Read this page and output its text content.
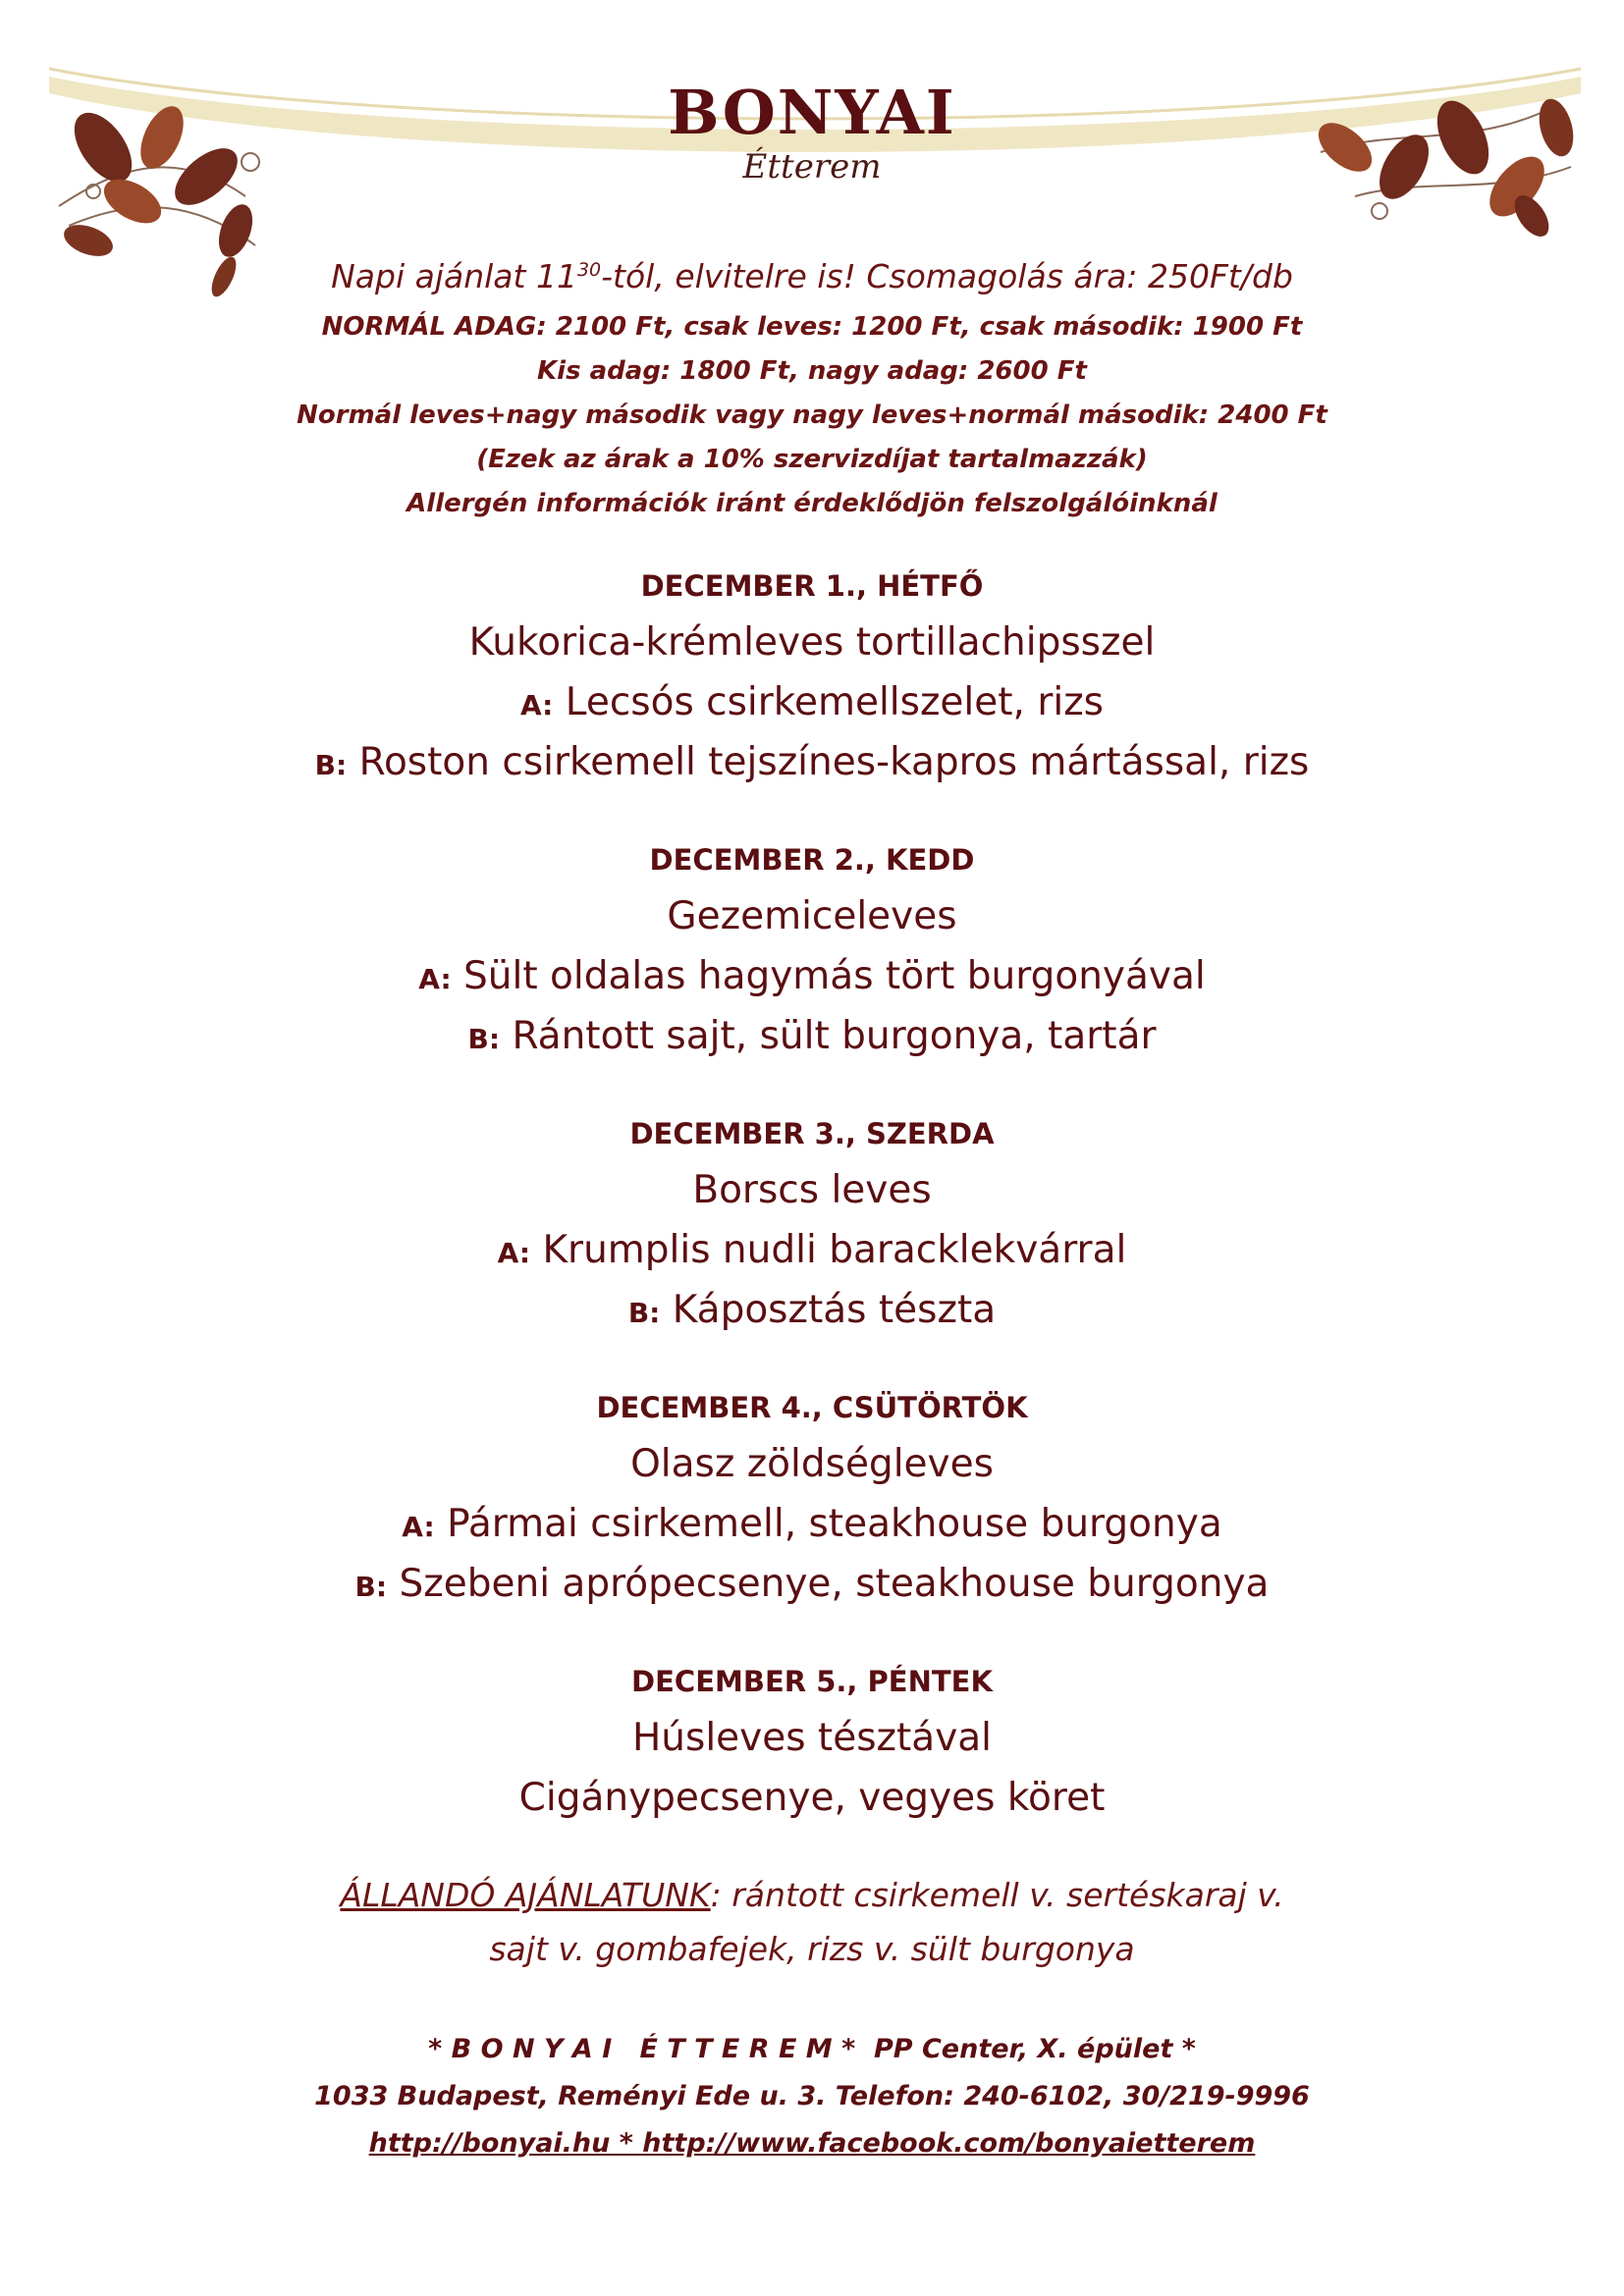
BONYAI
Étterem
Napi ajánlat $11^{30}$-tól, elvitelre is! Csomagolás ára: 250Ft/db
NORMÁL ADAG: 2100 Ft, csak leves: 1200 Ft, csak második: 1900 Ft
Kis adag: 1800 Ft, nagy adag: 2600 Ft
Normál leves+nagy második vagy nagy leves+normál második: 2400 Ft
(Ezek az árak a 10% szervizdíjat tartalmazzák)
Allergén információk iránt érdeklődjön felszolgálóinknál
DECEMBER 1., HÉTFŐ
Kukorica-krémleves tortillachipsszel
A: Lecsós csirkemellszelet, rizs
B: Roston csirkemell tejszínes-kapros mártással, rizs
DECEMBER 2., KEDD
Gezemiceleves
A: Sült oldalas hagymás tört burgonyával
B: Rántott sajt, sült burgonya, tartár
DECEMBER 3., SZERDA
Borscs leves
A: Krumplis nudli baracklekvárral
B: Káposztás tészta
DECEMBER 4., CSÜTÖRTÖK
Olasz zöldségleves
A: Pármai csirkemell, steakhouse burgonya
B: Szebeni aprópecsenye, steakhouse burgonya
DECEMBER 5., PÉNTEK
Húsleves tésztával
Cigánypecsenye, vegyes köret
ÁLLANDÓ AJÁNLATUNK: rántott csirkemell v. sertéskaraj v.
sajt v. gombafejek, rizs v. sült burgonya
* B O N Y A I   É T T E R E M *  PP Center, X. épület *
1033 Budapest, Reményi Ede u. 3. Telefon: 240-6102, 30/219-9996
http://bonyai.hu * http://www.facebook.com/bonyaietterem
